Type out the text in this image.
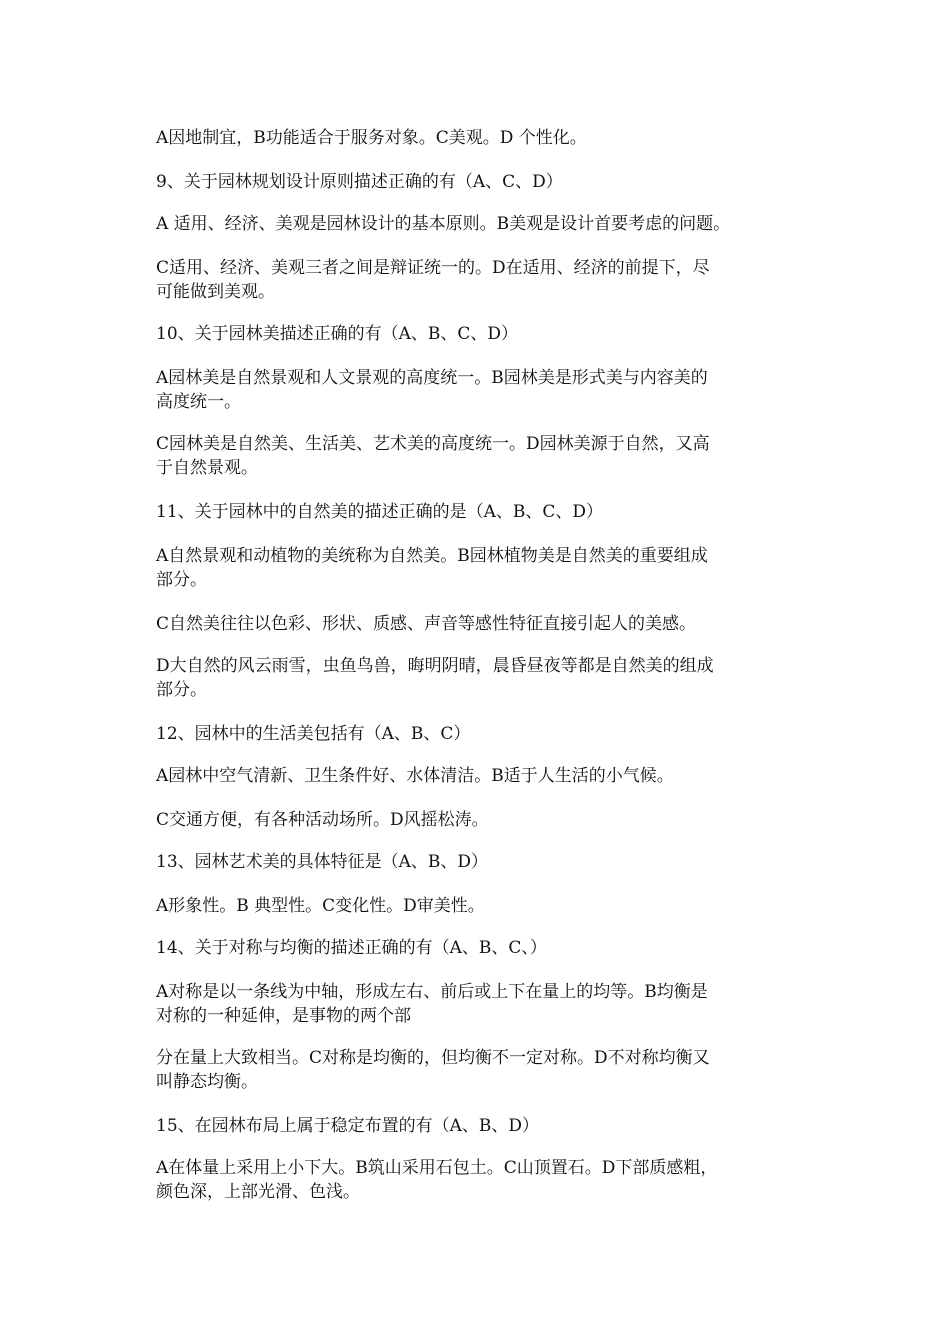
A因地制宜，B功能适合于服务对象。C美观。D 个性化。

9、关于园林规划设计原则描述正确的有（A、C、D）

A 适用、经济、美观是园林设计的基本原则。B美观是设计首要考虑的问题。

C适用、经济、美观三者之间是辩证统一的。D在适用、经济的前提下，尽
可能做到美观。

10、关于园林美描述正确的有（A、B、C、D）

A园林美是自然景观和人文景观的高度统一。B园林美是形式美与内容美的
高度统一。

C园林美是自然美、生活美、艺术美的高度统一。D园林美源于自然，又高
于自然景观。

11、关于园林中的自然美的描述正确的是（A、B、C、D）

A自然景观和动植物的美统称为自然美。B园林植物美是自然美的重要组成
部分。

C自然美往往以色彩、形状、质感、声音等感性特征直接引起人的美感。

D大自然的风云雨雪，虫鱼鸟兽，晦明阴晴，晨昏昼夜等都是自然美的组成
部分。

12、园林中的生活美包括有（A、B、C）

A园林中空气清新、卫生条件好、水体清洁。B适于人生活的小气候。

C交通方便，有各种活动场所。D风摇松涛。

13、园林艺术美的具体特征是（A、B、D）

A形象性。B 典型性。C变化性。D审美性。

14、关于对称与均衡的描述正确的有（A、B、C、）

A对称是以一条线为中轴，形成左右、前后或上下在量上的均等。B均衡是
对称的一种延伸，是事物的两个部

分在量上大致相当。C对称是均衡的，但均衡不一定对称。D不对称均衡又
叫静态均衡。

15、在园林布局上属于稳定布置的有（A、B、D）

A在体量上采用上小下大。B筑山采用石包土。C山顶置石。D下部质感粗，
颜色深，上部光滑、色浅。
